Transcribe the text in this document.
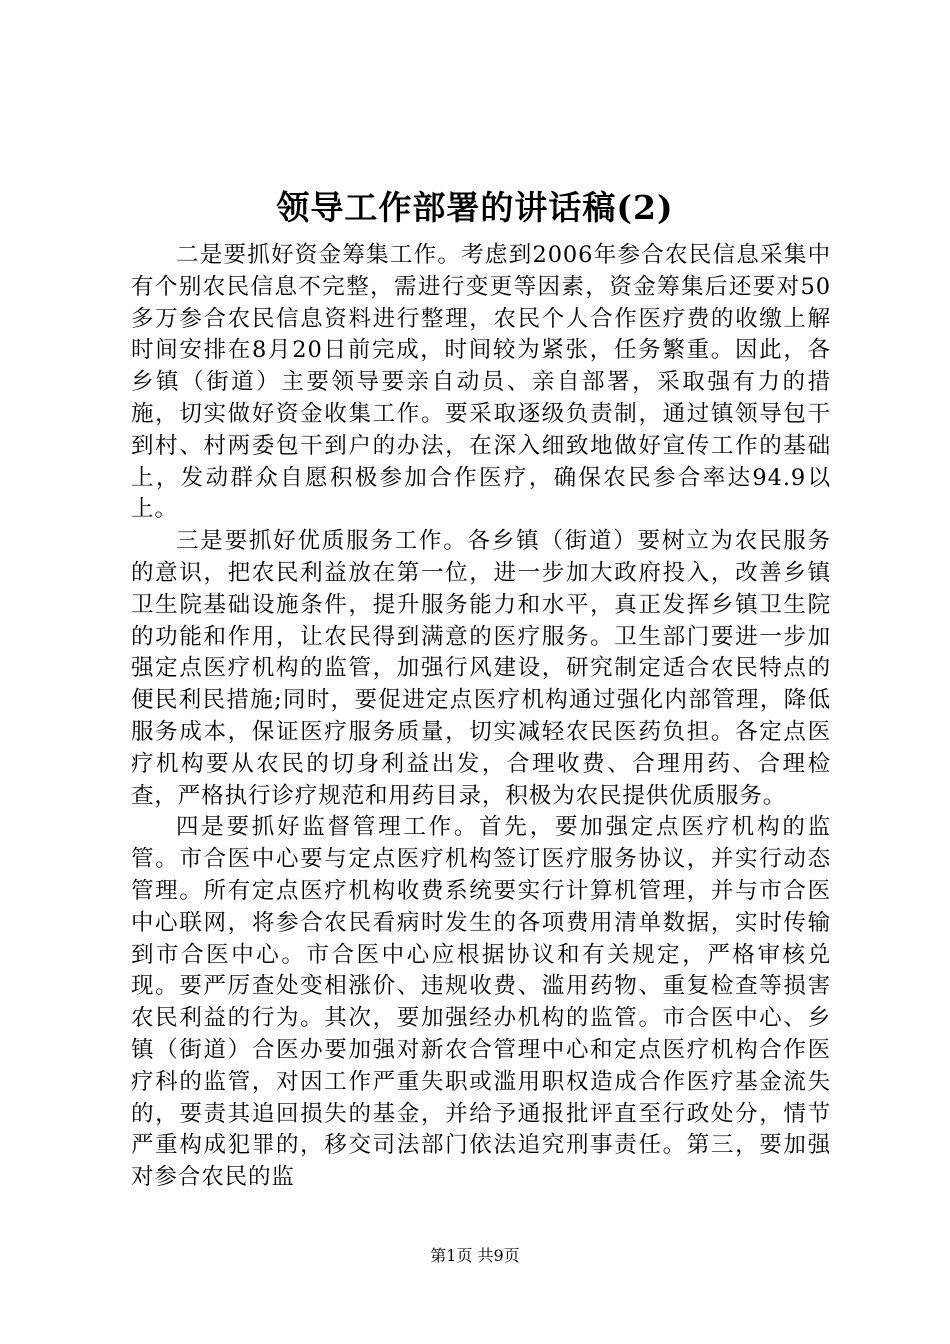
领导工作部署的讲话稿(2)

二是要抓好资金筹集工作。考虑到2006年参合农民信息采集中有个别农民信息不完整，需进行变更等因素，资金筹集后还要对50多万参合农民信息资料进行整理，农民个人合作医疗费的收缴上解时间安排在8月20日前完成，时间较为紧张，任务繁重。因此，各乡镇（街道）主要领导要亲自动员、亲自部署，采取强有力的措施，切实做好资金收集工作。要采取逐级负责制，通过镇领导包干到村、村两委包干到户的办法，在深入细致地做好宣传工作的基础上，发动群众自愿积极参加合作医疗，确保农民参合率达94.9以上。

三是要抓好优质服务工作。各乡镇（街道）要树立为农民服务的意识，把农民利益放在第一位，进一步加大政府投入，改善乡镇卫生院基础设施条件，提升服务能力和水平，真正发挥乡镇卫生院的功能和作用，让农民得到满意的医疗服务。卫生部门要进一步加强定点医疗机构的监管，加强行风建设，研究制定适合农民特点的便民利民措施;同时，要促进定点医疗机构通过强化内部管理，降低服务成本，保证医疗服务质量，切实减轻农民医药负担。各定点医疗机构要从农民的切身利益出发，合理收费、合理用药、合理检查，严格执行诊疗规范和用药目录，积极为农民提供优质服务。

四是要抓好监督管理工作。首先，要加强定点医疗机构的监管。市合医中心要与定点医疗机构签订医疗服务协议，并实行动态管理。所有定点医疗机构收费系统要实行计算机管理，并与市合医中心联网，将参合农民看病时发生的各项费用清单数据，实时传输到市合医中心。市合医中心应根据协议和有关规定，严格审核兑现。要严厉查处变相涨价、违规收费、滥用药物、重复检查等损害农民利益的行为。其次，要加强经办机构的监管。市合医中心、乡镇（街道）合医办要加强对新农合管理中心和定点医疗机构合作医疗科的监管，对因工作严重失职或滥用职权造成合作医疗基金流失的，要责其追回损失的基金，并给予通报批评直至行政处分，情节严重构成犯罪的，移交司法部门依法追究刑事责任。第三，要加强对参合农民的监

第1页 共9页
